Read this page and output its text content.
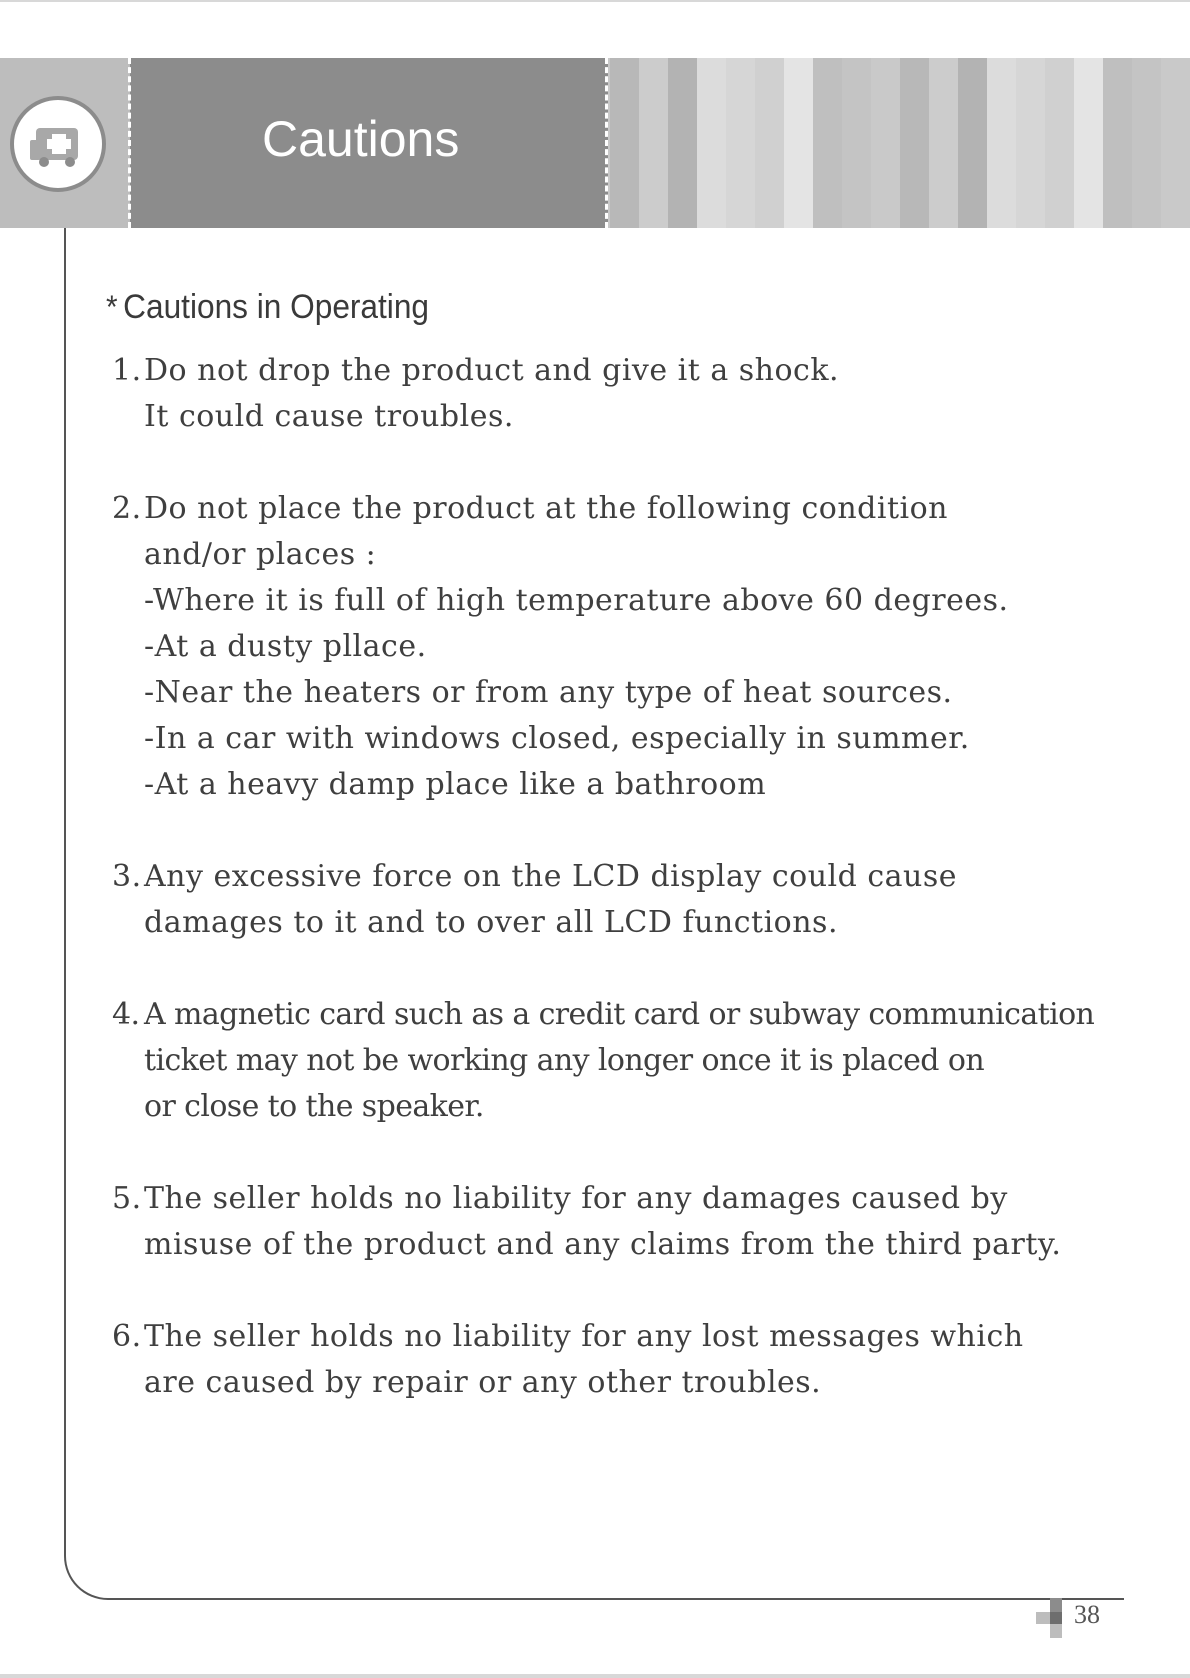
Cautions
* Cautions in Operating
1.Do not drop the product and give it a shock.
It could cause troubles.
2.Do not place the product at the following condition
and/or places :
-Where it is full of high temperature above 60 degrees.
-At a dusty pllace.
-Near the heaters or from any type of heat sources.
-In a car with windows closed, especially in summer.
-At a heavy damp place like a bathroom
3.Any excessive force on the LCD display could cause
damages to it and to over all LCD functions.
4. A magnetic card such as a credit card or subway communication
ticket may not be working any longer once it is placed on
or close to the speaker.
5.The seller holds no liability for any damages caused by
misuse of the product and any claims from the third party.
6.The seller holds no liability for any lost messages which
are caused by repair or any other troubles.
38
